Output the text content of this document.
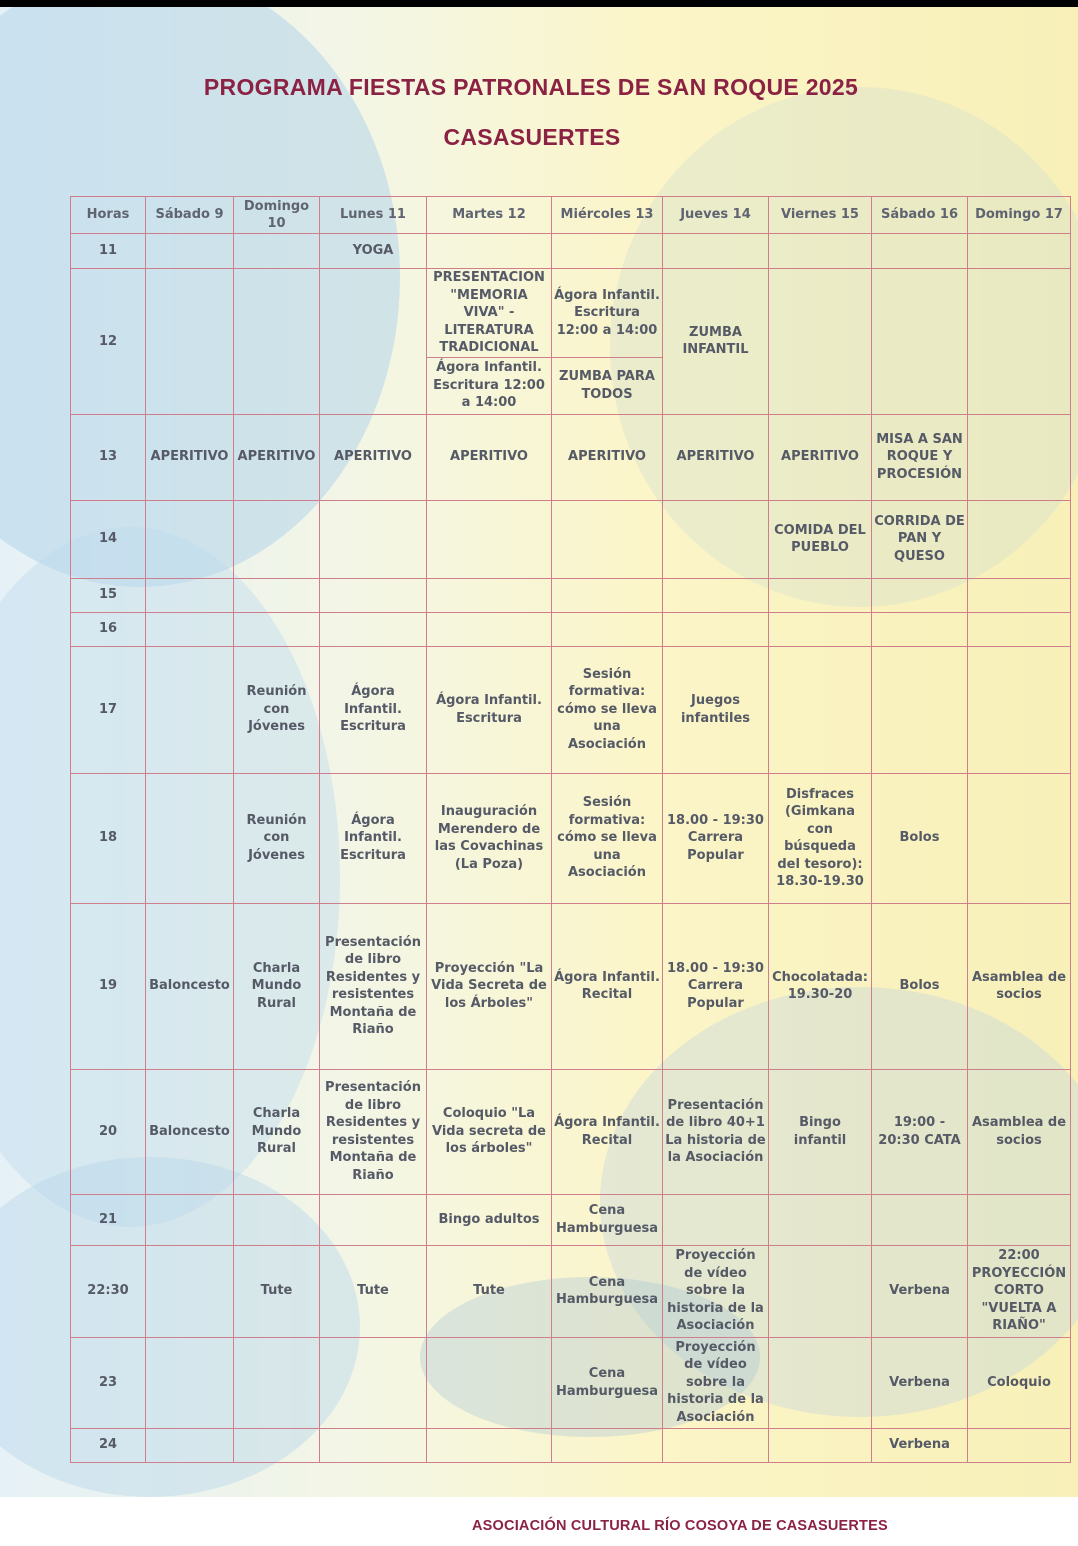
PROGRAMA FIESTAS PATRONALES DE SAN ROQUE 2025
CASASUERTES
Horas	Sábado 9	Domingo 10	Lunes 11	Martes 12	Miércoles 13	Jueves 14	Viernes 15	Sábado 16	Domingo 17
11			YOGA						
12				PRESENTACION "MEMORIA VIVA" - LITERATURA TRADICIONAL	Ágora Infantil. Escritura 12:00 a 14:00	ZUMBA INFANTIL			
				Ágora Infantil. Escritura 12:00 a 14:00	ZUMBA PARA TODOS				
13	APERITIVO	APERITIVO	APERITIVO	APERITIVO	APERITIVO	APERITIVO	APERITIVO	MISA A SAN ROQUE Y PROCESIÓN	
14							COMIDA DEL PUEBLO	CORRIDA DE PAN Y QUESO	
15									
16									
17		Reunión con Jóvenes	Ágora Infantil. Escritura	Ágora Infantil. Escritura	Sesión formativa: cómo se lleva una Asociación	Juegos infantiles			
18		Reunión con Jóvenes	Ágora Infantil. Escritura	Inauguración Merendero de las Covachinas (La Poza)	Sesión formativa: cómo se lleva una Asociación	18.00 - 19:30 Carrera Popular	Disfraces (Gimkana con búsqueda del tesoro): 18.30-19.30	Bolos	
19	Baloncesto	Charla Mundo Rural	Presentación de libro Residentes y resistentes Montaña de Riaño	Proyección "La Vida Secreta de los Árboles"	Ágora Infantil. Recital	18.00 - 19:30 Carrera Popular	Chocolatada: 19.30-20	Bolos	Asamblea de socios
20	Baloncesto	Charla Mundo Rural	Presentación de libro Residentes y resistentes Montaña de Riaño	Coloquio "La Vida secreta de los árboles"	Ágora Infantil. Recital	Presentación de libro 40+1 La historia de la Asociación	Bingo infantil	19:00 - 20:30 CATA	Asamblea de socios
21				Bingo adultos	Cena Hamburguesa				
22:30		Tute	Tute	Tute	Cena Hamburguesa	Proyección de vídeo sobre la historia de la Asociación		Verbena	22:00 PROYECCIÓN CORTO "VUELTA A RIAÑO"
23					Cena Hamburguesa	Proyección de vídeo sobre la historia de la Asociación		Verbena	Coloquio
24								Verbena	

ASOCIACIÓN CULTURAL RÍO COSOYA DE CASASUERTES
